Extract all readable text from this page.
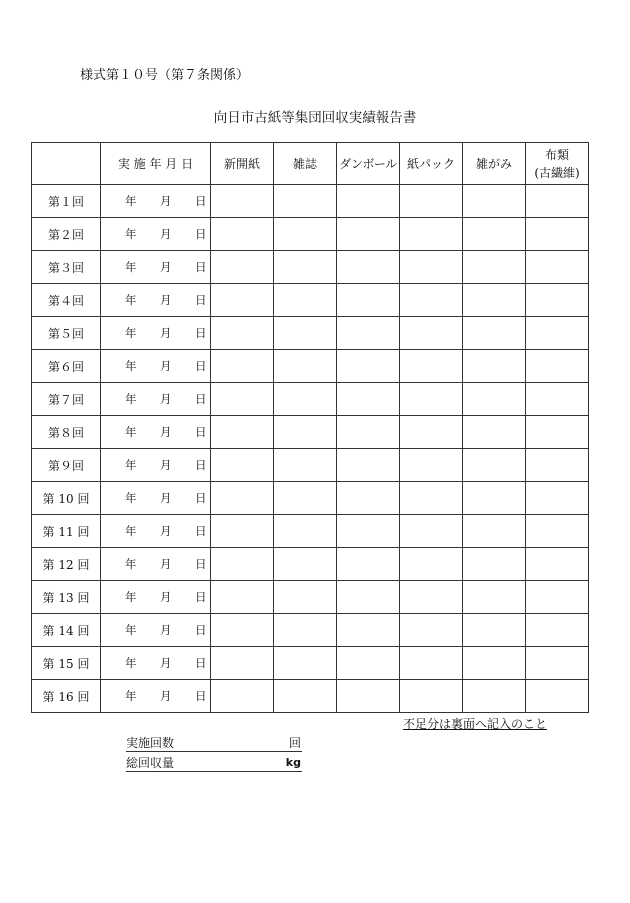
様式第１０号（第７条関係）
向日市古紙等集団回収実績報告書
	実 施 年 月 日	新開紙	雑誌	ダンボール	紙パック	雑がみ	布類
(古繊維)

第１回	年 月 日						

第２回	年 月 日						

第３回	年 月 日						

第４回	年 月 日						

第５回	年 月 日						

第６回	年 月 日						

第７回	年 月 日						

第８回	年 月 日						

第９回	年 月 日						

第 10 回	年 月 日						

第 11 回	年 月 日						

第 12 回	年 月 日						

第 13 回	年 月 日						

第 14 回	年 月 日						

第 15 回	年 月 日						

第 16 回	年 月 日						

不足分は裏面へ記入のこと
実施回数	回
総回収量	kg
